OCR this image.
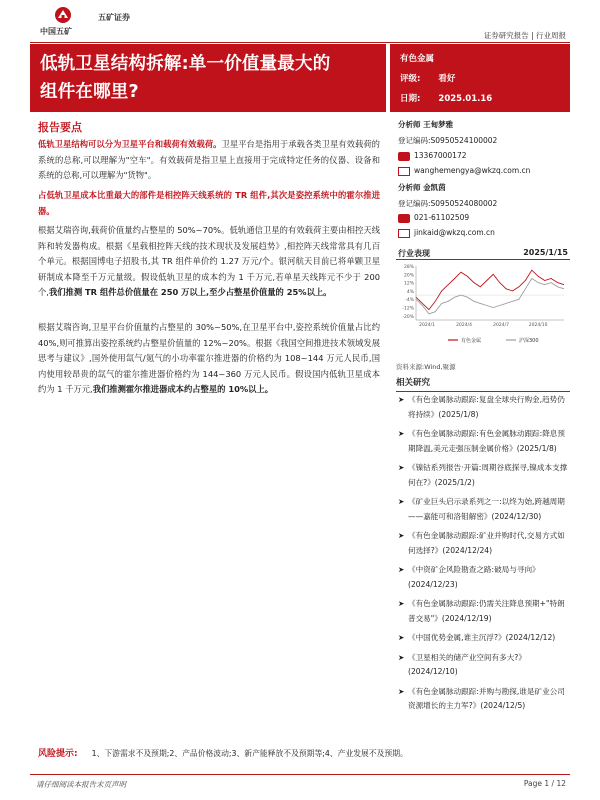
中国五矿
五矿证券
证券研究报告 | 行业周报
低轨卫星结构拆解:单一价值量最大的
组件在哪里?
有色金属
评级: 看好
日期: 2025.01.16
报告要点
低轨卫星结构可以分为卫星平台和载荷有效载荷。卫星平台是指用于承载各类卫星有效载荷的系统的总称,可以理解为"空车"。有效载荷是指卫星上直接用于完成特定任务的仪器、设备和系统的总称,可以理解为"货物"。
占低轨卫星成本比重最大的部件是相控阵天线系统的 TR 组件,其次是姿控系统中的霍尔推进器。
根据艾瑞咨询,载荷价值量约占整星的 50%~70%。低轨通信卫星的有效载荷主要由相控天线阵和转发器构成。根据《星载相控阵天线的技术现状及发展趋势》,相控阵天线常常具有几百个单元。根据国博电子招股书,其 TR 组件单价约 1.27 万元/个。银河航天目前已将单颗卫星研制成本降至千万元量级。假设低轨卫星的成本约为 1 千万元,若单星天线阵元不少于 200 个,我们推测 TR 组件总价值量在 250 万以上,至少占整星价值量的 25%以上。
根据艾瑞咨询,卫星平台价值量约占整星的 30%~50%,在卫星平台中,姿控系统价值量占比约 40%,则可推算出姿控系统约占整星价值量的 12%~20%。根据《我国空间推进技术领域发展思考与建议》,国外使用氙气/氪气的小功率霍尔推进器的价格约为 108~144 万元人民币,国内使用较昂贵的氙气的霍尔推进器价格约为 144~360 万元人民币。假设国内低轨卫星成本约为 1 千万元,我们推测霍尔推进器成本约占整星的 10%以上。
分析师 王甸梦雅
登记编码:S0950524100002
13367000172
wanghemengya@wkzq.com.cn
分析师 金凯茵
登记编码:S0950524080002
021-61102509
jinkaid@wkzq.com.cn
行业表现	2025/1/15
28%
20%
12%
4%
-4%
-12%
-20%
2024/1	2024/4	2024/7	2024/10
有色金属	沪深300
资料来源:Wind,聚源
相关研究
➤ 《有色金属脉动跟踪:复盘全球央行购金,趋势仍将持续》(2025/1/8)
➤ 《有色金属脉动跟踪:有色金属脉动跟踪:降息预期降温,美元走强压制金属价格》(2025/1/8)
➤ 《镍钴系列报告·开篇:周期谷底探寻,镍成本支撑何在?》(2025/1/2)
➤ 《矿业巨头启示录系列之一:以终为始,跨越周期——嘉能可和洛钼解密》(2024/12/30)
➤ 《有色金属脉动跟踪:矿业并购时代,交易方式如何选择?》(2024/12/24)
➤ 《中资矿企风险勘查之路:破局与寻向》(2024/12/23)
➤ 《有色金属脉动跟踪:仍需关注降息预期+"特朗普交易"》(2024/12/19)
➤ 《中国优势金属,谁主沉浮?》(2024/12/12)
➤ 《卫星相关的储产业空间有多大?》(2024/12/10)
➤ 《有色金属脉动跟踪:并购与勘探,谁是矿业公司资源增长的主力军?》(2024/12/5)
风险提示: 1、下游需求不及预期;2、产品价格波动;3、新产能释放不及预期等;4、产业发展不及预期。
请仔细阅读本报告末页声明	Page 1 / 12
